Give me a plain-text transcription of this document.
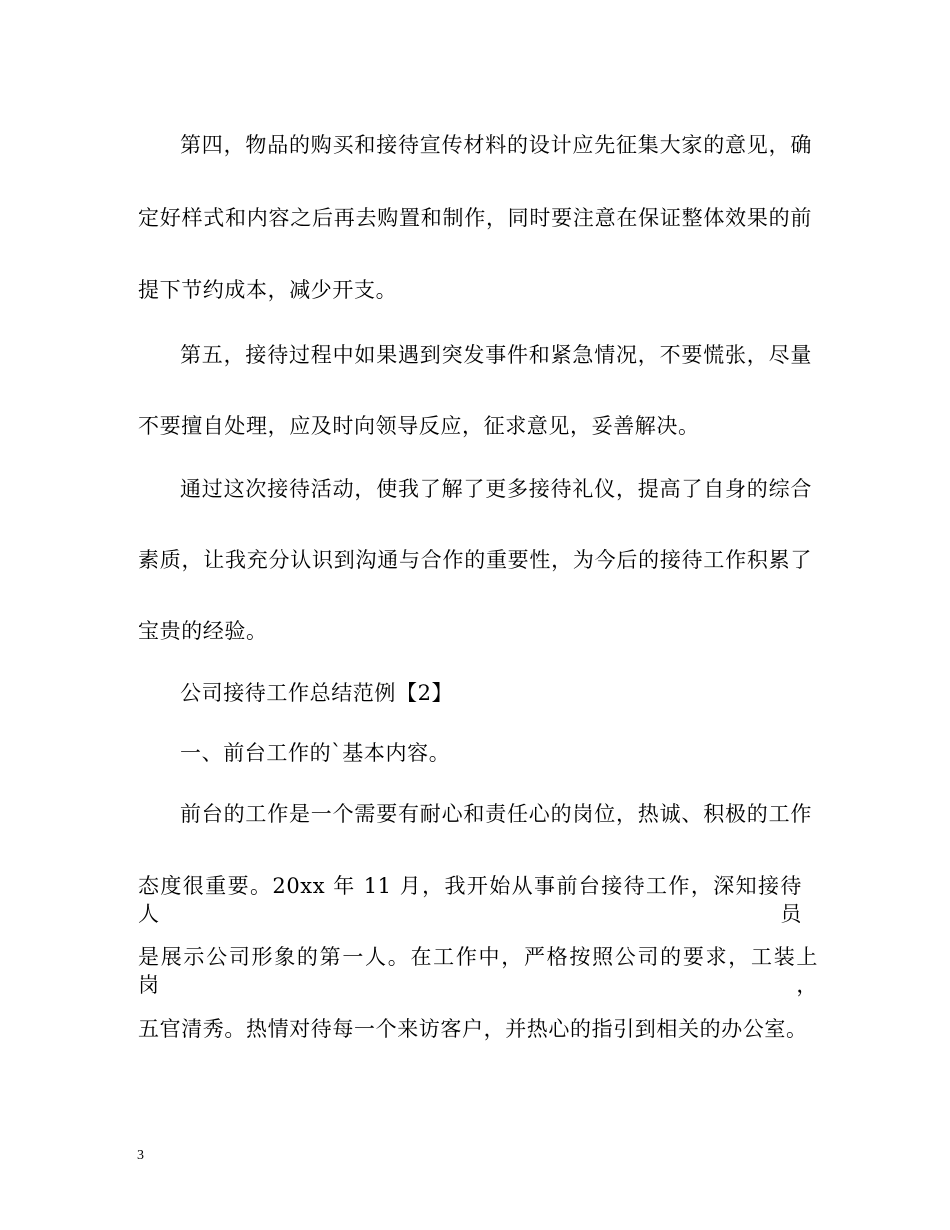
第四，物品的购买和接待宣传材料的设计应先征集大家的意见，确
定好样式和内容之后再去购置和制作，同时要注意在保证整体效果的前
提下节约成本，减少开支。
第五，接待过程中如果遇到突发事件和紧急情况，不要慌张，尽量
不要擅自处理，应及时向领导反应，征求意见，妥善解决。
通过这次接待活动，使我了解了更多接待礼仪，提高了自身的综合
素质，让我充分认识到沟通与合作的重要性，为今后的接待工作积累了
宝贵的经验。
公司接待工作总结范例【2】
一、前台工作的`基本内容。
前台的工作是一个需要有耐心和责任心的岗位，热诚、积极的工作
态度很重要。20xx 年 11 月，我开始从事前台接待工作，深知接待人员
是展示公司形象的第一人。在工作中，严格按照公司的要求，工装上岗，
五官清秀。热情对待每一个来访客户，并热心的指引到相关的办公室。
3
